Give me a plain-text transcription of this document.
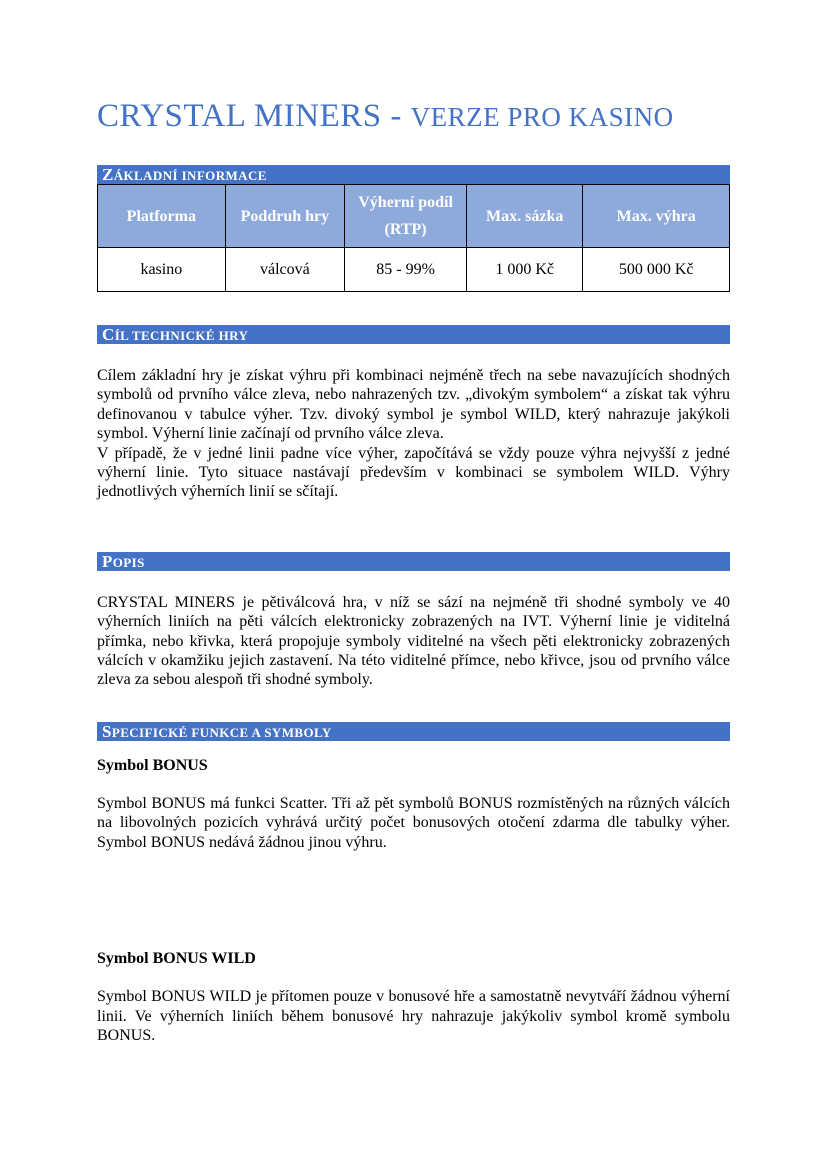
CRYSTAL MINERS - VERZE PRO KASINO
ZÁKLADNÍ INFORMACE
Platforma	Poddruh hry	Výherní podíl (RTP)	Max. sázka	Max. výhra
kasino	válcová	85 - 99%	1 000 Kč	500 000 Kč
CÍL TECHNICKÉ HRY

Cílem základní hry je získat výhru při kombinaci nejméně třech na sebe navazujících shodných symbolů od prvního válce zleva, nebo nahrazených tzv. „divokým symbolem“ a získat tak výhru definovanou v tabulce výher. Tzv. divoký symbol je symbol WILD, který nahrazuje jakýkoli symbol. Výherní linie začínají od prvního válce zleva.

V případě, že v jedné linii padne více výher, započítává se vždy pouze výhra nejvyšší z jedné výherní linie. Tyto situace nastávají především v kombinaci se symbolem WILD. Výhry jednotlivých výherních linií se sčítají.

POPIS

CRYSTAL MINERS je pětiválcová hra, v níž se sází na nejméně tři shodné symboly ve 40 výherních liniích na pěti válcích elektronicky zobrazených na IVT. Výherní linie je viditelná přímka, nebo křivka, která propojuje symboly viditelné na všech pěti elektronicky zobrazených válcích v okamžiku jejich zastavení. Na této viditelné přímce, nebo křivce, jsou od prvního válce zleva za sebou alespoň tři shodné symboly.

SPECIFICKÉ FUNKCE A SYMBOLY
Symbol BONUS

Symbol BONUS má funkci Scatter. Tři až pět symbolů BONUS rozmístěných na různých válcích na libovolných pozicích vyhrává určitý počet bonusových otočení zdarma dle tabulky výher. Symbol BONUS nedává žádnou jinou výhru.

Symbol BONUS WILD

Symbol BONUS WILD je přítomen pouze v bonusové hře a samostatně nevytváří žádnou výherní linii. Ve výherních liniích během bonusové hry nahrazuje jakýkoliv symbol kromě symbolu BONUS.
